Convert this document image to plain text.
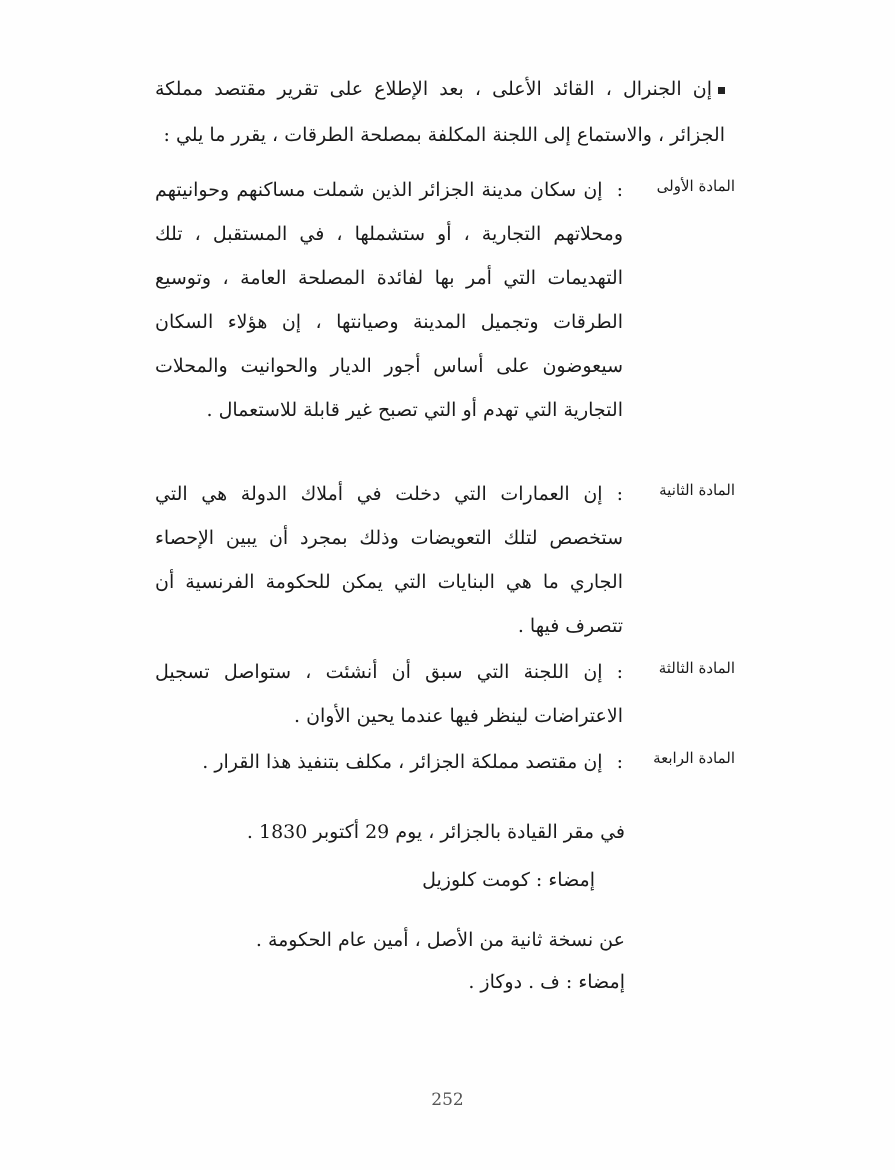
إن الجنرال ، القائد الأعلى ، بعد الإطلاع على تقرير مقتصد مملكة الجزائر ، والاستماع إلى اللجنة المكلفة بمصلحة الطرقات ، يقرر ما يلي :
المادة الأولى
:إن سكان مدينة الجزائر الذين شملت مساكنهم وحوانيتهم ومحلاتهم التجارية ، أو ستشملها ، في المستقبل ، تلك التهديمات التي أمر بها لفائدة المصلحة العامة ، وتوسيع الطرقات وتجميل المدينة وصيانتها ، إن هؤلاء السكان سيعوضون على أساس أجور الديار والحوانيت والمحلات التجارية التي تهدم أو التي تصبح غير قابلة للاستعمال .
المادة الثانية
:إن العمارات التي دخلت في أملاك الدولة هي التي ستخصص لتلك التعويضات وذلك بمجرد أن يبين الإحصاء الجاري ما هي البنايات التي يمكن للحكومة الفرنسية أن تتصرف فيها .
المادة الثالثة
:إن اللجنة التي سبق أن أنشئت ، ستواصل تسجيل الاعتراضات لينظر فيها عندما يحين الأوان .
المادة الرابعة
:إن مقتصد مملكة الجزائر ، مكلف بتنفيذ هذا القرار .
في مقر القيادة بالجزائر ، يوم 29 أكتوبر 1830 .
إمضاء : كومت كلوزيل
عن نسخة ثانية من الأصل ، أمين عام الحكومة .
إمضاء : ف . دوكاز .
252
